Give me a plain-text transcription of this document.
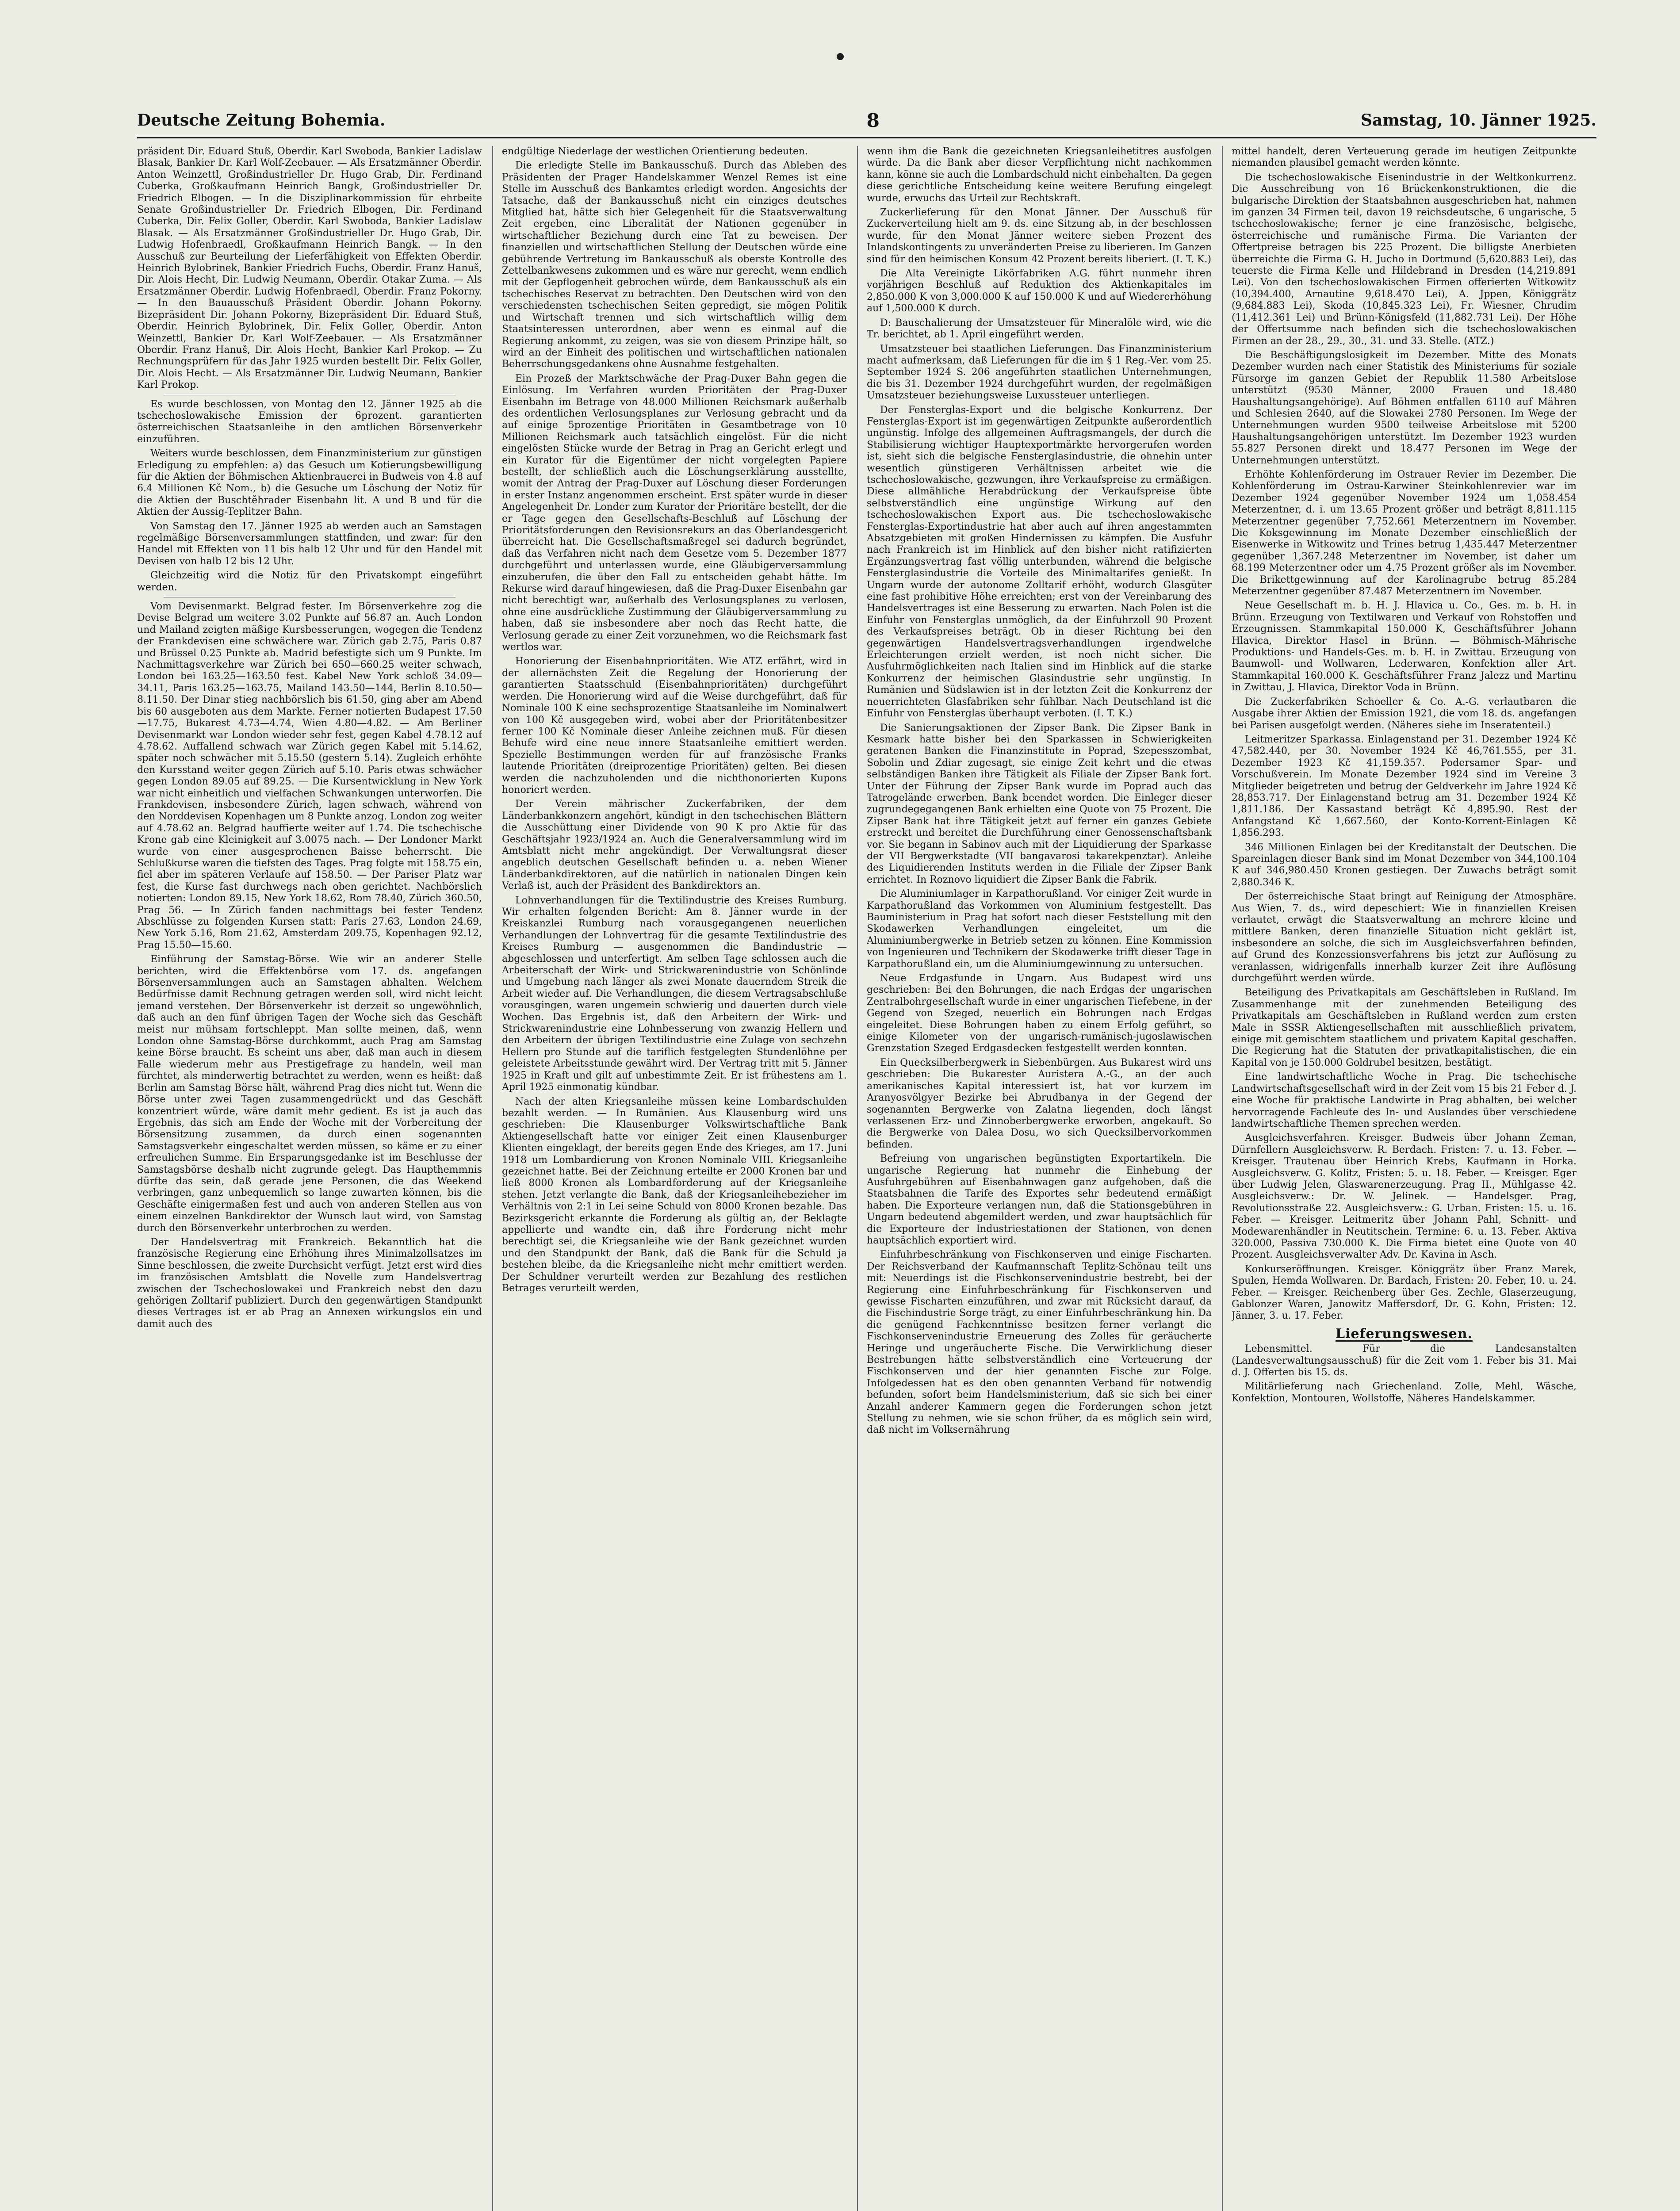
Deutsche Zeitung Bohemia.	8	Samstag, 10. Jänner 1925.

präsident Dir. Eduard Stuß, Oberdir. Karl Swoboda, Bankier Ladislaw Blasak, Bankier Dr. Karl Wolf-Zeebauer. — Als Ersatzmänner Oberdir. Anton Weinzettl, Großindustrieller Dr. Hugo Grab, Dir. Ferdinand Cuberka, Großkaufmann Heinrich Bangk, Großindustrieller Dr. Friedrich Elbogen. — In die Disziplinarkommission für ehrbeite Senate Großindustrieller Dr. Friedrich Elbogen, Dir. Ferdinand Cuberka, Dir. Felix Goller, Oberdir. Karl Swoboda, Bankier Ladislaw Blasak. — Als Ersatzmänner Großindustrieller Dr. Hugo Grab, Dir. Ludwig Hofenbraedl, Großkaufmann Heinrich Bangk. — In den Ausschuß zur Beurteilung der Lieferfähigkeit von Effekten Oberdir. Heinrich Bylobrinek, Bankier Friedrich Fuchs, Oberdir. Franz Hanuš, Dir. Alois Hecht, Dir. Ludwig Neumann, Oberdir. Otakar Zuma. — Als Ersatzmänner Oberdir. Ludwig Hofenbraedl, Oberdir. Franz Pokorny. — In den Bauausschuß Präsident Oberdir. Johann Pokorny. Bizepräsident Dir. Johann Pokorny, Bizepräsident Dir. Eduard Stuß, Oberdir. Heinrich Bylobrinek, Dir. Felix Goller, Oberdir. Anton Weinzettl, Bankier Dr. Karl Wolf-Zeebauer. — Als Ersatzmänner Oberdir. Franz Hanuš, Dir. Alois Hecht, Bankier Karl Prokop. — Zu Rechnungsprüfern für das Jahr 1925 wurden bestellt Dir. Felix Goller, Dir. Alois Hecht. — Als Ersatzmänner Dir. Ludwig Neumann, Bankier Karl Prokop.

Es wurde beschlossen, von Montag den 12. Jänner 1925 ab die tschechoslowakische Emission der 6prozent. garantierten österreichischen Staatsanleihe in den amtlichen Börsenverkehr einzuführen.

Weiters wurde beschlossen, dem Finanzministerium zur günstigen Erledigung zu empfehlen: a) das Gesuch um Kotierungsbewilligung für die Aktien der Böhmischen Aktienbrauerei in Budweis von 4.8 auf 6.4 Millionen Kč Nom., b) die Gesuche um Löschung der Notiz für die Aktien der Buschtěhrader Eisenbahn lit. A und B und für die Aktien der Aussig-Teplitzer Bahn.

Von Samstag den 17. Jänner 1925 ab werden auch an Samstagen regelmäßige Börsenversammlungen stattfinden, und zwar: für den Handel mit Effekten von 11 bis halb 12 Uhr und für den Handel mit Devisen von halb 12 bis 12 Uhr.

Gleichzeitig wird die Notiz für den Privatskompt eingeführt werden.

Vom Devisenmarkt. Belgrad fester. Im Börsenverkehre zog die Devise Belgrad um weitere 3.02 Punkte auf 56.87 an. Auch London und Mailand zeigten mäßige Kursbesserungen, wogegen die Tendenz der Frankdevisen eine schwächere war. Zürich gab 2.75, Paris 0.87 und Brüssel 0.25 Punkte ab. Madrid befestigte sich um 9 Punkte. Im Nachmittagsverkehre war Zürich bei 650—660.25 weiter schwach, London bei 163.25—163.50 fest. Kabel New York schloß 34.09—34.11, Paris 163.25—163.75, Mailand 143.50—144, Berlin 8.10.50—8.11.50. Der Dinar stieg nachbörslich bis 61.50, ging aber am Abend bis 60 ausgeboten aus dem Markte. Ferner notierten Budapest 17.50—17.75, Bukarest 4.73—4.74, Wien 4.80—4.82. — Am Berliner Devisenmarkt war London wieder sehr fest, gegen Kabel 4.78.12 auf 4.78.62. Auffallend schwach war Zürich gegen Kabel mit 5.14.62, später noch schwächer mit 5.15.50 (gestern 5.14). Zugleich erhöhte den Kursstand weiter gegen Zürich auf 5.10. Paris etwas schwächer gegen London 89.05 auf 89.25. — Die Kursentwicklung in New York war nicht einheitlich und vielfachen Schwankungen unterworfen. Die Frankdevisen, insbesondere Zürich, lagen schwach, während von den Norddevisen Kopenhagen um 8 Punkte anzog. London zog weiter auf 4.78.62 an. Belgrad hauffierte weiter auf 1.74. Die tschechische Krone gab eine Kleinigkeit auf 3.0075 nach. — Der Londoner Markt wurde von einer ausgesprochenen Baisse beherrscht. Die Schlußkurse waren die tiefsten des Tages. Prag folgte mit 158.75 ein, fiel aber im späteren Verlaufe auf 158.50. — Der Pariser Platz war fest, die Kurse fast durchwegs nach oben gerichtet. Nachbörslich notierten: London 89.15, New York 18.62, Rom 78.40, Zürich 360.50, Prag 56. — In Zürich fanden nachmittags bei fester Tendenz Abschlüsse zu folgenden Kursen statt: Paris 27.63, London 24.69, New York 5.16, Rom 21.62, Amsterdam 209.75, Kopenhagen 92.12, Prag 15.50—15.60.

Einführung der Samstag-Börse. Wie wir an anderer Stelle berichten, wird die Effektenbörse vom 17. ds. angefangen Börsenversammlungen auch an Samstagen abhalten. Welchem Bedürfnisse damit Rechnung getragen werden soll, wird nicht leicht jemand verstehen. Der Börsenverkehr ist derzeit so ungewöhnlich, daß auch an den fünf übrigen Tagen der Woche sich das Geschäft meist nur mühsam fortschleppt. Man sollte meinen, daß, wenn London ohne Samstag-Börse durchkommt, auch Prag am Samstag keine Börse braucht. Es scheint uns aber, daß man auch in diesem Falle wiederum mehr aus Prestigefrage zu handeln, weil man fürchtet, als minderwertig betrachtet zu werden, wenn es heißt: daß Berlin am Samstag Börse hält, während Prag dies nicht tut. Wenn die Börse unter zwei Tagen zusammengedrückt und das Geschäft konzentriert würde, wäre damit mehr gedient. Es ist ja auch das Ergebnis, das sich am Ende der Woche mit der Vorbereitung der Börsensitzung zusammen, da durch einen sogenannten Samstagsverkehr eingeschaltet werden müssen, so käme er zu einer erfreulichen Summe. Ein Ersparungsgedanke ist im Beschlusse der Samstagsbörse deshalb nicht zugrunde gelegt. Das Haupthemmnis dürfte das sein, daß gerade jene Personen, die das Weekend verbringen, ganz unbequemlich so lange zuwarten können, bis die Geschäfte einigermaßen fest und auch von anderen Stellen aus von einem einzelnen Bankdirektor der Wunsch laut wird, von Samstag durch den Börsenverkehr unterbrochen zu werden.

Der Handelsvertrag mit Frankreich. Bekanntlich hat die französische Regierung eine Erhöhung ihres Minimalzollsatzes im Sinne beschlossen, die zweite Durchsicht verfügt. Jetzt erst wird dies im französischen Amtsblatt die Novelle zum Handelsvertrag zwischen der Tschechoslowakei und Frankreich nebst den dazu gehörigen Zolltarif publiziert. Durch den gegenwärtigen Standpunkt dieses Vertrages ist er ab Prag an Annexen wirkungslos ein und damit auch des

endgültige Niederlage der westlichen Orientierung bedeuten.

Die erledigte Stelle im Bankausschuß. Durch das Ableben des Präsidenten der Prager Handelskammer Wenzel Remes ist eine Stelle im Ausschuß des Bankamtes erledigt worden. Angesichts der Tatsache, daß der Bankausschuß nicht ein einziges deutsches Mitglied hat, hätte sich hier Gelegenheit für die Staatsverwaltung Zeit ergeben, eine Liberalität der Nationen gegenüber in wirtschaftlicher Beziehung durch eine Tat zu beweisen. Der finanziellen und wirtschaftlichen Stellung der Deutschen würde eine gebührende Vertretung im Bankausschuß als oberste Kontrolle des Zettelbankwesens zukommen und es wäre nur gerecht, wenn endlich mit der Gepflogenheit gebrochen würde, dem Bankausschuß als ein tschechisches Reservat zu betrachten. Den Deutschen wird von den verschiedensten tschechischen Seiten gepredigt, sie mögen Politik und Wirtschaft trennen und sich wirtschaftlich willig dem Staatsinteressen unterordnen, aber wenn es einmal auf die Regierung ankommt, zu zeigen, was sie von diesem Prinzipe hält, so wird an der Einheit des politischen und wirtschaftlichen nationalen Beherrschungsgedankens ohne Ausnahme festgehalten.

Ein Prozeß der Marktschwäche der Prag-Duxer Bahn gegen die Einlösung. Im Verfahren wurden Prioritäten der Prag-Duxer Eisenbahn im Betrage von 48.000 Millionen Reichsmark außerhalb des ordentlichen Verlosungsplanes zur Verlosung gebracht und da auf einige 5prozentige Prioritäten in Gesamtbetrage von 10 Millionen Reichsmark auch tatsächlich eingelöst. Für die nicht eingelösten Stücke wurde der Betrag in Prag an Gericht erlegt und ein Kurator für die Eigentümer der nicht vorgelegten Papiere bestellt, der schließlich auch die Löschungserklärung ausstellte, womit der Antrag der Prag-Duxer auf Löschung dieser Forderungen in erster Instanz angenommen erscheint. Erst später wurde in dieser Angelegenheit Dr. Londer zum Kurator der Prioritäre bestellt, der die er Tage gegen den Gesellschafts-Beschluß auf Löschung der Prioritätsforderungen den Revisionsrekurs an das Oberlandesgericht überreicht hat. Die Gesellschaftsmaßregel sei dadurch begründet, daß das Verfahren nicht nach dem Gesetze vom 5. Dezember 1877 durchgeführt und unterlassen wurde, eine Gläubigerversammlung einzuberufen, die über den Fall zu entscheiden gehabt hätte. Im Rekurse wird darauf hingewiesen, daß die Prag-Duxer Eisenbahn gar nicht berechtigt war, außerhalb des Verlosungsplanes zu verlosen, ohne eine ausdrückliche Zustimmung der Gläubigerversammlung zu haben, daß sie insbesondere aber noch das Recht hatte, die Verlosung gerade zu einer Zeit vorzunehmen, wo die Reichsmark fast wertlos war.

Honorierung der Eisenbahnprioritäten. Wie ATZ erfährt, wird in der allernächsten Zeit die Regelung der Honorierung der garantierten Staatsschuld (Eisenbahnprioritäten) durchgeführt werden. Die Honorierung wird auf die Weise durchgeführt, daß für Nominale 100 K eine sechsprozentige Staatsanleihe im Nominalwert von 100 Kč ausgegeben wird, wobei aber der Prioritätenbesitzer ferner 100 Kč Nominale dieser Anleihe zeichnen muß. Für diesen Behufe wird eine neue innere Staatsanleihe emittiert werden. Spezielle Bestimmungen werden für auf französische Franks lautende Prioritäten (dreiprozentige Prioritäten) gelten. Bei diesen werden die nachzuholenden und die nichthonorierten Kupons honoriert werden.

Der Verein mährischer Zuckerfabriken, der dem Länderbankkonzern angehört, kündigt in den tschechischen Blättern die Ausschüttung einer Dividende von 90 K pro Aktie für das Geschäftsjahr 1923/1924 an. Auch die Generalversammlung wird im Amtsblatt nicht mehr angekündigt. Der Verwaltungsrat dieser angeblich deutschen Gesellschaft befinden u. a. neben Wiener Länderbankdirektoren, auf die natürlich in nationalen Dingen kein Verlaß ist, auch der Präsident des Bankdirektors an.

Lohnverhandlungen für die Textilindustrie des Kreises Rumburg. Wir erhalten folgenden Bericht: Am 8. Jänner wurde in der Kreiskanzlei Rumburg nach vorausgegangenen neuerlichen Verhandlungen der Lohnvertrag für die gesamte Textilindustrie des Kreises Rumburg — ausgenommen die Bandindustrie — abgeschlossen und unterfertigt. Am selben Tage schlossen auch die Arbeiterschaft der Wirk- und Strickwarenindustrie von Schönlinde und Umgebung nach länger als zwei Monate dauerndem Streik die Arbeit wieder auf. Die Verhandlungen, die diesem Vertragsabschluße vorausgingen, waren ungemein schwierig und dauerten durch viele Wochen. Das Ergebnis ist, daß den Arbeitern der Wirk- und Strickwarenindustrie eine Lohnbesserung von zwanzig Hellern und den Arbeitern der übrigen Textilindustrie eine Zulage von sechzehn Hellern pro Stunde auf die tariflich festgelegten Stundenlöhne per geleistete Arbeitsstunde gewährt wird. Der Vertrag tritt mit 5. Jänner 1925 in Kraft und gilt auf unbestimmte Zeit. Er ist frühestens am 1. April 1925 einmonatig kündbar.

Nach der alten Kriegsanleihe müssen keine Lombardschulden bezahlt werden. — In Rumänien. Aus Klausenburg wird uns geschrieben: Die Klausenburger Volkswirtschaftliche Bank Aktiengesellschaft hatte vor einiger Zeit einen Klausenburger Klienten eingeklagt, der bereits gegen Ende des Krieges, am 17. Juni 1918 um Lombardierung von Kronen Nominale VIII. Kriegsanleihe gezeichnet hatte. Bei der Zeichnung erteilte er 2000 Kronen bar und ließ 8000 Kronen als Lombardforderung auf der Kriegsanleihe stehen. Jetzt verlangte die Bank, daß der Kriegsanleihebezieher im Verhältnis von 2:1 in Lei seine Schuld von 8000 Kronen bezahle. Das Bezirksgericht erkannte die Forderung als gültig an, der Beklagte appellierte und wandte ein, daß ihre Forderung nicht mehr berechtigt sei, die Kriegsanleihe wie der Bank gezeichnet wurden und den Standpunkt der Bank, daß die Bank für die Schuld ja bestehen bleibe, da die Kriegsanleihe nicht mehr emittiert werden. Der Schuldner verurteilt werden zur Bezahlung des restlichen Betrages verurteilt werden,

wenn ihm die Bank die gezeichneten Kriegsanleihetitres ausfolgen würde. Da die Bank aber dieser Verpflichtung nicht nachkommen kann, könne sie auch die Lombardschuld nicht einbehalten. Da gegen diese gerichtliche Entscheidung keine weitere Berufung eingelegt wurde, erwuchs das Urteil zur Rechtskraft.

Zuckerlieferung für den Monat Jänner. Der Ausschuß für Zuckerverteilung hielt am 9. ds. eine Sitzung ab, in der beschlossen wurde, für den Monat Jänner weitere sieben Prozent des Inlandskontingents zu unveränderten Preise zu liberieren. Im Ganzen sind für den heimischen Konsum 42 Prozent bereits liberiert. (I. T. K.)

Die Alta Vereinigte Likörfabriken A.G. führt nunmehr ihren vorjährigen Beschluß auf Reduktion des Aktienkapitales im 2,850.000 K von 3,000.000 K auf 150.000 K und auf Wiedererhöhung auf 1,500.000 K durch.

D: Bauschalierung der Umsatzsteuer für Mineralöle wird, wie die Tr. berichtet, ab 1. April eingeführt werden.

Umsatzsteuer bei staatlichen Lieferungen. Das Finanzministerium macht aufmerksam, daß Lieferungen für die im § 1 Reg.-Ver. vom 25. September 1924 S. 206 angeführten staatlichen Unternehmungen, die bis 31. Dezember 1924 durchgeführt wurden, der regelmäßigen Umsatzsteuer beziehungsweise Luxussteuer unterliegen.

Der Fensterglas-Export und die belgische Konkurrenz. Der Fensterglas-Export ist im gegenwärtigen Zeitpunkte außerordentlich ungünstig. Infolge des allgemeinen Auftragsmangels, der durch die Stabilisierung wichtiger Hauptexportmärkte hervorgerufen worden ist, sieht sich die belgische Fensterglasindustrie, die ohnehin unter wesentlich günstigeren Verhältnissen arbeitet wie die tschechoslowakische, gezwungen, ihre Verkaufspreise zu ermäßigen. Diese allmähliche Herabdrückung der Verkaufspreise übte selbstverständlich eine ungünstige Wirkung auf den tschechoslowakischen Export aus. Die tschechoslowakische Fensterglas-Exportindustrie hat aber auch auf ihren angestammten Absatzgebieten mit großen Hindernissen zu kämpfen. Die Ausfuhr nach Frankreich ist im Hinblick auf den bisher nicht ratifizierten Ergänzungsvertrag fast völlig unterbunden, während die belgische Fensterglasindustrie die Vorteile des Minimaltarifes genießt. In Ungarn wurde der autonome Zolltarif erhöht, wodurch Glasgüter eine fast prohibitive Höhe erreichten; erst von der Vereinbarung des Handelsvertrages ist eine Besserung zu erwarten. Nach Polen ist die Einfuhr von Fensterglas unmöglich, da der Einfuhrzoll 90 Prozent des Verkaufspreises beträgt. Ob in dieser Richtung bei den gegenwärtigen Handelsvertragsverhandlungen irgendwelche Erleichterungen erzielt werden, ist noch nicht sicher. Die Ausfuhrmöglichkeiten nach Italien sind im Hinblick auf die starke Konkurrenz der heimischen Glasindustrie sehr ungünstig. In Rumänien und Südslawien ist in der letzten Zeit die Konkurrenz der neuerrichteten Glasfabriken sehr fühlbar. Nach Deutschland ist die Einfuhr von Fensterglas überhaupt verboten. (I. T. K.)

Die Sanierungsaktionen der Zipser Bank. Die Zipser Bank in Kesmark hatte bisher bei den Sparkassen in Schwierigkeiten geratenen Banken die Finanzinstitute in Poprad, Szepesszombat, Sobolin und Zdiar zugesagt, sie einige Zeit kehrt und die etwas selbständigen Banken ihre Tätigkeit als Filiale der Zipser Bank fort. Unter der Führung der Zipser Bank wurde im Poprad auch das Tatrogelände erwerben. Bank beendet worden. Die Einleger dieser zugrundegegangenen Bank erhielten eine Quote von 75 Prozent. Die Zipser Bank hat ihre Tätigkeit jetzt auf ferner ein ganzes Gebiete erstreckt und bereitet die Durchführung einer Genossenschaftsbank vor. Sie begann in Sabinov auch mit der Liquidierung der Sparkasse der VII Bergwerkstadte (VII bangavarosi takarekpenztar). Anleihe des Liquidierenden Instituts werden in die Filiale der Zipser Bank errichtet. In Roznovo liquidiert die Zipser Bank die Fabrik.

Die Aluminiumlager in Karpathorußland. Vor einiger Zeit wurde in Karpathorußland das Vorkommen von Aluminium festgestellt. Das Bauministerium in Prag hat sofort nach dieser Feststellung mit den Skodawerken Verhandlungen eingeleitet, um die Aluminiumbergwerke in Betrieb setzen zu können. Eine Kommission von Ingenieuren und Technikern der Skodawerke trifft dieser Tage in Karpathorußland ein, um die Aluminiumgewinnung zu untersuchen.

Neue Erdgasfunde in Ungarn. Aus Budapest wird uns geschrieben: Bei den Bohrungen, die nach Erdgas der ungarischen Zentralbohrgesellschaft wurde in einer ungarischen Tiefebene, in der Gegend von Szeged, neuerlich ein Bohrungen nach Erdgas eingeleitet. Diese Bohrungen haben zu einem Erfolg geführt, so einige Kilometer von der ungarisch-rumänisch-jugoslawischen Grenzstation Szeged Erdgasdecken festgestellt werden konnten.

Ein Quecksilberbergwerk in Siebenbürgen. Aus Bukarest wird uns geschrieben: Die Bukarester Auristera A.-G., an der auch amerikanisches Kapital interessiert ist, hat vor kurzem im Aranyosvölgyer Bezirke bei Abrudbanya in der Gegend der sogenannten Bergwerke von Zalatna liegenden, doch längst verlassenen Erz- und Zinnoberbergwerke erworben, angekauft. So die Bergwerke von Dalea Dosu, wo sich Quecksilbervorkommen befinden.

Befreiung von ungarischen begünstigten Exportartikeln. Die ungarische Regierung hat nunmehr die Einhebung der Ausfuhrgebühren auf Eisenbahnwagen ganz aufgehoben, daß die Staatsbahnen die Tarife des Exportes sehr bedeutend ermäßigt haben. Die Exporteure verlangen nun, daß die Stationsgebühren in Ungarn bedeutend abgemildert werden, und zwar hauptsächlich für die Exporteure der Industriestationen der Stationen, von denen hauptsächlich exportiert wird.

Einfuhrbeschränkung von Fischkonserven und einige Fischarten. Der Reichsverband der Kaufmannschaft Teplitz-Schönau teilt uns mit: Neuerdings ist die Fischkonservenindustrie bestrebt, bei der Regierung eine Einfuhrbeschränkung für Fischkonserven und gewisse Fischarten einzuführen, und zwar mit Rücksicht darauf, da die Fischindustrie Sorge trägt, zu einer Einfuhrbeschränkung hin. Da die genügend Fachkenntnisse besitzen ferner verlangt die Fischkonservenindustrie Erneuerung des Zolles für geräucherte Heringe und ungeräucherte Fische. Die Verwirklichung dieser Bestrebungen hätte selbstverständlich eine Verteuerung der Fischkonserven und der hier genannten Fische zur Folge. Infolgedessen hat es den oben genannten Verband für notwendig befunden, sofort beim Handelsministerium, daß sie sich bei einer Anzahl anderer Kammern gegen die Forderungen schon jetzt Stellung zu nehmen, wie sie schon früher, da es möglich sein wird, daß nicht im Volksernährung

mittel handelt, deren Verteuerung gerade im heutigen Zeitpunkte niemanden plausibel gemacht werden könnte.

Die tschechoslowakische Eisenindustrie in der Weltkonkurrenz. Die Ausschreibung von 16 Brückenkonstruktionen, die die bulgarische Direktion der Staatsbahnen ausgeschrieben hat, nahmen im ganzen 34 Firmen teil, davon 19 reichsdeutsche, 6 ungarische, 5 tschechoslowakische; ferner je eine französische, belgische, österreichische und rumänische Firma. Die Varianten der Offertpreise betragen bis 225 Prozent. Die billigste Anerbieten überreichte die Firma G. H. Jucho in Dortmund (5,620.883 Lei), das teuerste die Firma Kelle und Hildebrand in Dresden (14,219.891 Lei). Von den tschechoslowakischen Firmen offerierten Witkowitz (10,394.400, Arnautine 9,618.470 Lei), A. Jppen, Königgrätz (9,684.883 Lei), Skoda (10,845.323 Lei), Fr. Wiesner, Chrudim (11,412.361 Lei) und Brünn-Königsfeld (11,882.731 Lei). Der Höhe der Offertsumme nach befinden sich die tschechoslowakischen Firmen an der 28., 29., 30., 31. und 33. Stelle. (ATZ.)

Die Beschäftigungslosigkeit im Dezember. Mitte des Monats Dezember wurden nach einer Statistik des Ministeriums für soziale Fürsorge im ganzen Gebiet der Republik 11.580 Arbeitslose unterstützt (9530 Männer, 2000 Frauen und 18.480 Haushaltungsangehörige). Auf Böhmen entfallen 6110 auf Mähren und Schlesien 2640, auf die Slowakei 2780 Personen. Im Wege der Unternehmungen wurden 9500 teilweise Arbeitslose mit 5200 Haushaltungsangehörigen unterstützt. Im Dezember 1923 wurden 55.827 Personen direkt und 18.477 Personen im Wege der Unternehmungen unterstützt.

Erhöhte Kohlenförderung im Ostrauer Revier im Dezember. Die Kohlenförderung im Ostrau-Karwiner Steinkohlenrevier war im Dezember 1924 gegenüber November 1924 um 1,058.454 Meterzentner, d. i. um 13.65 Prozent größer und beträgt 8,811.115 Meterzentner gegenüber 7,752.661 Meterzentnern im November. Die Koksgewinnung im Monate Dezember einschließlich der Eisenwerke in Witkowitz und Trines betrug 1,435.447 Meterzentner gegenüber 1,367.248 Meterzentner im November, ist daher um 68.199 Meterzentner oder um 4.75 Prozent größer als im November. Die Brikettgewinnung auf der Karolinagrube betrug 85.284 Meterzentner gegenüber 87.487 Meterzentnern im November.

Neue Gesellschaft m. b. H. J. Hlavica u. Co., Ges. m. b. H. in Brünn. Erzeugung von Textilwaren und Verkauf von Rohstoffen und Erzeugnissen. Stammkapital 150.000 K, Geschäftsführer Johann Hlavica, Direktor Hasel in Brünn. — Böhmisch-Mährische Produktions- und Handels-Ges. m. b. H. in Zwittau. Erzeugung von Baumwoll- und Wollwaren, Lederwaren, Konfektion aller Art. Stammkapital 160.000 K. Geschäftsführer Franz Jalezz und Martinu in Zwittau, J. Hlavica, Direktor Voda in Brünn.

Die Zuckerfabriken Schoeller & Co. A.-G. verlautbaren die Ausgabe ihrer Aktien der Emission 1921, die vom 18. ds. angefangen bei Parisen ausgefolgt werden. (Näheres siehe im Inseratenteil.)

Leitmeritzer Sparkassa. Einlagenstand per 31. Dezember 1924 Kč 47,582.440, per 30. November 1924 Kč 46,761.555, per 31. Dezember 1923 Kč 41,159.357. Podersamer Spar- und Vorschußverein. Im Monate Dezember 1924 sind im Vereine 3 Mitglieder beigetreten und betrug der Geldverkehr im Jahre 1924 Kč 28,853.717. Der Einlagenstand betrug am 31. Dezember 1924 Kč 1,811.186. Der Kassastand beträgt Kč 4,895.90. Rest der Anfangstand Kč 1,667.560, der Konto-Korrent-Einlagen Kč 1,856.293.

346 Millionen Einlagen bei der Kreditanstalt der Deutschen. Die Spareinlagen dieser Bank sind im Monat Dezember von 344,100.104 K auf 346,980.450 Kronen gestiegen. Der Zuwachs beträgt somit 2,880.346 K.

Der österreichische Staat bringt auf Reinigung der Atmosphäre. Aus Wien, 7. ds., wird depeschiert: Wie in finanziellen Kreisen verlautet, erwägt die Staatsverwaltung an mehrere kleine und mittlere Banken, deren finanzielle Situation nicht geklärt ist, insbesondere an solche, die sich im Ausgleichsverfahren befinden, auf Grund des Konzessionsverfahrens bis jetzt zur Auflösung zu veranlassen, widrigenfalls innerhalb kurzer Zeit ihre Auflösung durchgeführt werden würde.

Beteiligung des Privatkapitals am Geschäftsleben in Rußland. Im Zusammenhange mit der zunehmenden Beteiligung des Privatkapitals am Geschäftsleben in Rußland werden zum ersten Male in SSSR Aktiengesellschaften mit ausschließlich privatem, einige mit gemischtem staatlichem und privatem Kapital geschaffen. Die Regierung hat die Statuten der privatkapitalistischen, die ein Kapital von je 150.000 Goldrubel besitzen, bestätigt.

Eine landwirtschaftliche Woche in Prag. Die tschechische Landwirtschaftsgesellschaft wird in der Zeit vom 15 bis 21 Feber d. J. eine Woche für praktische Landwirte in Prag abhalten, bei welcher hervorragende Fachleute des In- und Auslandes über verschiedene landwirtschaftliche Themen sprechen werden.

Ausgleichsverfahren. Kreisger. Budweis über Johann Zeman, Dürnfellern Ausgleichsverw. R. Berdach. Fristen: 7. u. 13. Feber. — Kreisger. Trautenau über Heinrich Krebs, Kaufmann in Horka. Ausgleichsverw. G. Kolitz, Fristen: 5. u. 18. Feber. — Kreisger. Eger über Ludwig Jelen, Glaswarenerzeugung. Prag II., Mühlgasse 42. Ausgleichsverw.: Dr. W. Jelinek. — Handelsger. Prag, Revolutionsstraße 22. Ausgleichsverw.: G. Urban. Fristen: 15. u. 16. Feber. — Kreisger. Leitmeritz über Johann Pahl, Schnitt- und Modewarenhändler in Neutitschein. Termine: 6. u. 13. Feber. Aktiva 320.000, Passiva 730.000 K. Die Firma bietet eine Quote von 40 Prozent. Ausgleichsverwalter Adv. Dr. Kavina in Asch.

Konkurseröffnungen. Kreisger. Königgrätz über Franz Marek, Spulen, Hemda Wollwaren. Dr. Bardach, Fristen: 20. Feber, 10. u. 24. Feber. — Kreisger. Reichenberg über Ges. Zechle, Glaserzeugung, Gablonzer Waren, Janowitz Maffersdorf, Dr. G. Kohn, Fristen: 12. Jänner, 3. u. 17. Feber.

Lieferungswesen.

Lebensmittel. Für die Landesanstalten (Landesverwaltungsausschuß) für die Zeit vom 1. Feber bis 31. Mai d. J. Offerten bis 15. ds.

Militärlieferung nach Griechenland. Zolle, Mehl, Wäsche, Konfektion, Montouren, Wollstoffe, Näheres Handelskammer.
